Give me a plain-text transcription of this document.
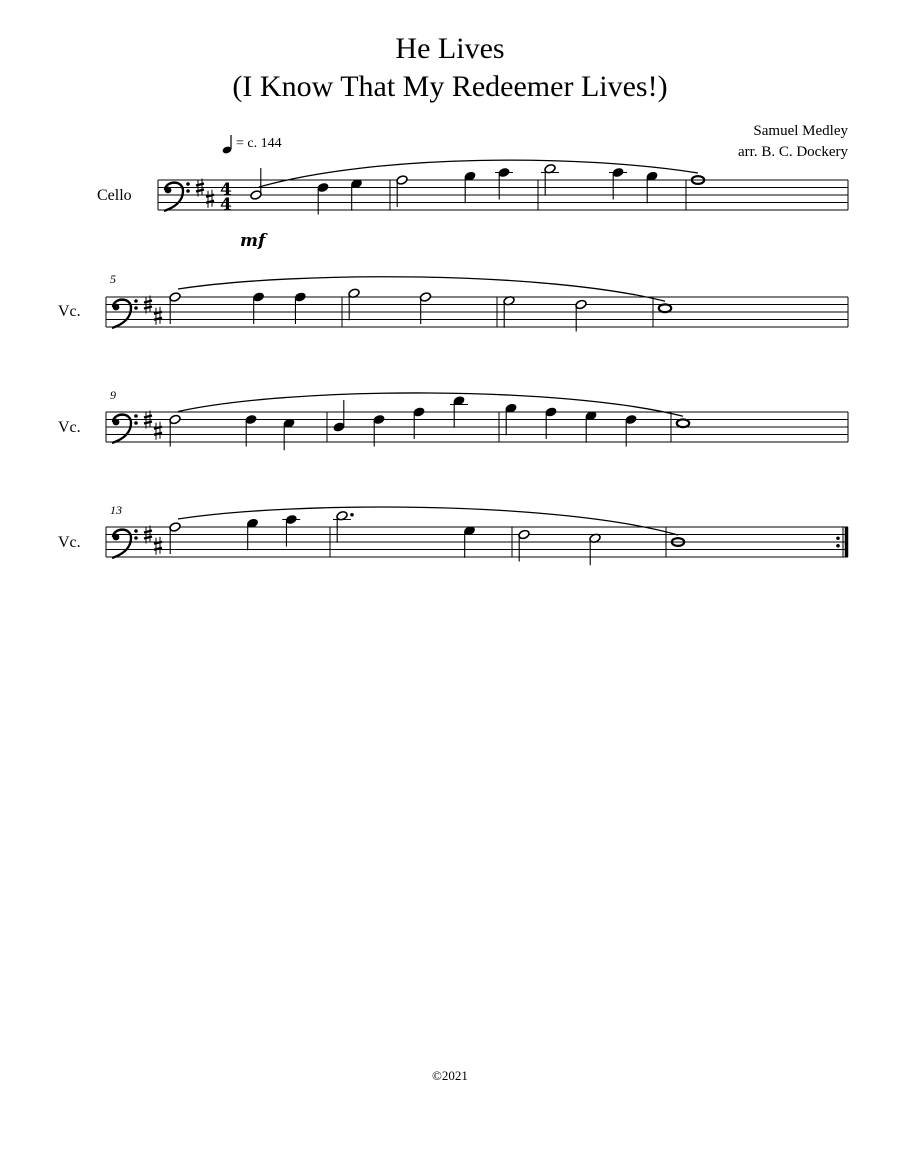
He Lives
(I Know That My Redeemer Lives!)
Samuel Medley
arr. B. C. Dockery
= c. 144
Cello
Vc.
Vc.
Vc.
5
9
13
4
4
mf
©2021
